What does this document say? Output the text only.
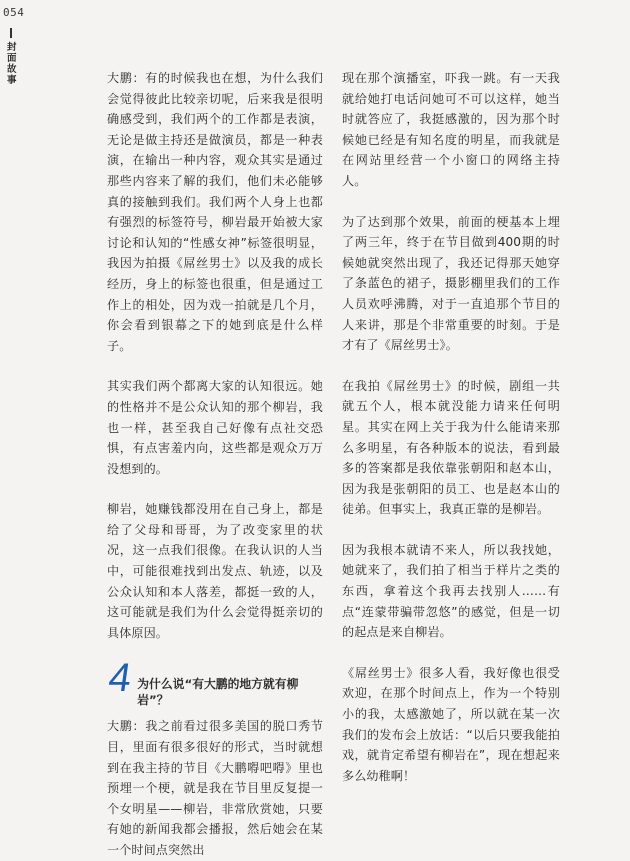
054
封面故事	大鹏：有的时候我也在想，为什么我们会觉得彼此比较亲切呢，后来我是很明确感受到，我们两个的工作都是表演，无论是做主持还是做演员，都是一种表演，在输出一种内容，观众其实是通过那些内容来了解的我们，他们未必能够真的接触到我们。我们两个人身上也都有强烈的标签符号，柳岩最开始被大家讨论和认知的“性感女神”标签很明显，我因为拍摄《屌丝男士》以及我的成长经历，身上的标签也很重，但是通过工作上的相处，因为戏一拍就是几个月，你会看到银幕之下的她到底是什么样子。

其实我们两个都离大家的认知很远。她的性格并不是公众认知的那个柳岩，我也一样，甚至我自己好像有点社交恐惧，有点害羞内向，这些都是观众万万没想到的。

柳岩，她赚钱都没用在自己身上，都是给了父母和哥哥，为了改变家里的状况，这一点我们很像。在我认识的人当中，可能很难找到出发点、轨迹，以及公众认知和本人落差，都挺一致的人，这可能就是我们为什么会觉得挺亲切的具体原因。

4 为什么说“有大鹏的地方就有柳岩”？

大鹏：我之前看过很多美国的脱口秀节目，里面有很多很好的形式，当时就想到在我主持的节目《大鹏嘚吧嘚》里也预埋一个梗，就是我在节目里反复提一个女明星——柳岩，非常欣赏她，只要有她的新闻我都会播报，然后她会在某一个时间点突然出

现在那个演播室，吓我一跳。有一天我就给她打电话问她可不可以这样，她当时就答应了，我挺感激的，因为那个时候她已经是有知名度的明星，而我就是在网站里经营一个小窗口的网络主持人。

为了达到那个效果，前面的梗基本上埋了两三年，终于在节目做到400期的时候她就突然出现了，我还记得那天她穿了条蓝色的裙子，摄影棚里我们的工作人员欢呼沸腾，对于一直追那个节目的人来讲，那是个非常重要的时刻。于是才有了《屌丝男士》。

在我拍《屌丝男士》的时候，剧组一共就五个人，根本就没能力请来任何明星。其实在网上关于我为什么能请来那么多明星，有各种版本的说法，看到最多的答案都是我依靠张朝阳和赵本山，因为我是张朝阳的员工、也是赵本山的徒弟。但事实上，我真正靠的是柳岩。

因为我根本就请不来人，所以我找她，她就来了，我们拍了相当于样片之类的东西，拿着这个我再去找别人……有点“连蒙带骗带忽悠”的感觉，但是一切的起点是来自柳岩。

《屌丝男士》很多人看，我好像也很受欢迎，在那个时间点上，作为一个特别小的我，太感激她了，所以就在某一次我们的发布会上放话：“以后只要我能拍戏，就肯定希望有柳岩在”，现在想起来多么幼稚啊！
